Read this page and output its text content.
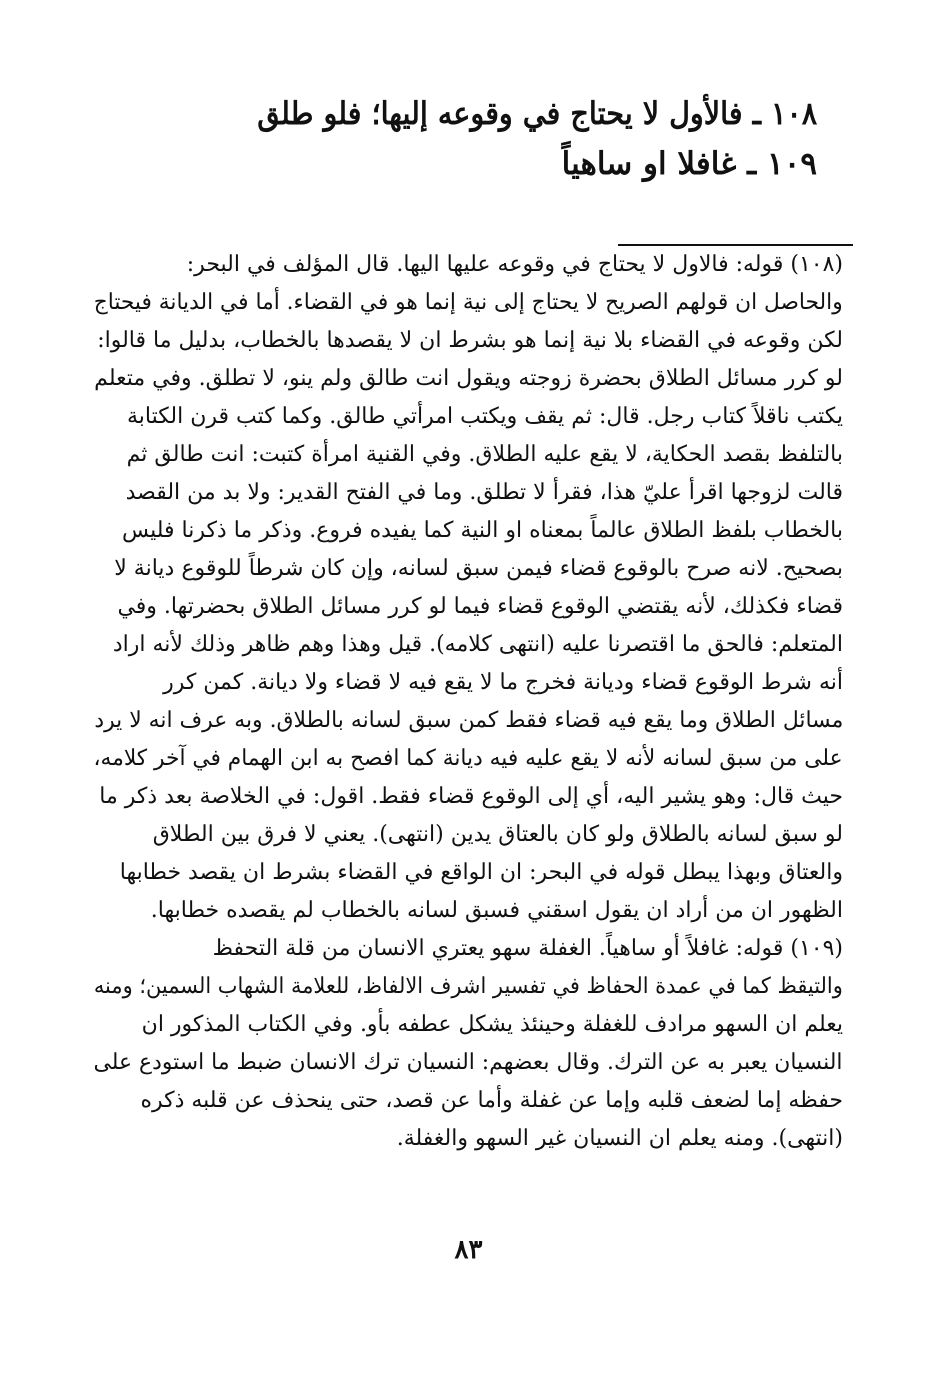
١٠٨ ـ فالأول لا يحتاج في وقوعه إليها؛ فلو طلق
١٠٩ ـ غافلا او ساهياً
(١٠٨) قوله: فالاول لا يحتاج في وقوعه عليها اليها. قال المؤلف في البحر:
والحاصل ان قولهم الصريح لا يحتاج إلى نية إنما هو في القضاء. أما في الديانة فيحتاج
لكن وقوعه في القضاء بلا نية إنما هو بشرط ان لا يقصدها بالخطاب، بدليل ما قالوا:
لو كرر مسائل الطلاق بحضرة زوجته ويقول انت طالق ولم ينو، لا تطلق. وفي متعلم
يكتب ناقلاً كتاب رجل. قال: ثم يقف ويكتب امرأتي طالق. وكما كتب قرن الكتابة
بالتلفظ بقصد الحكاية، لا يقع عليه الطلاق. وفي القنية امرأة كتبت: انت طالق ثم
قالت لزوجها اقرأ عليّ هذا، فقرأ لا تطلق. وما في الفتح القدير: ولا بد من القصد
بالخطاب بلفظ الطلاق عالماً بمعناه او النية كما يفيده فروع. وذكر ما ذكرنا فليس
بصحيح. لانه صرح بالوقوع قضاء فيمن سبق لسانه، وإن كان شرطاً للوقوع ديانة لا
قضاء فكذلك، لأنه يقتضي الوقوع قضاء فيما لو كرر مسائل الطلاق بحضرتها. وفي
المتعلم: فالحق ما اقتصرنا عليه (انتهى كلامه). قيل وهذا وهم ظاهر وذلك لأنه اراد
أنه شرط الوقوع قضاء وديانة فخرج ما لا يقع فيه لا قضاء ولا ديانة. كمن كرر
مسائل الطلاق وما يقع فيه قضاء فقط كمن سبق لسانه بالطلاق. وبه عرف انه لا يرد
على من سبق لسانه لأنه لا يقع عليه فيه ديانة كما افصح به ابن الهمام في آخر كلامه،
حيث قال: وهو يشير اليه، أي إلى الوقوع قضاء فقط. اقول: في الخلاصة بعد ذكر ما
لو سبق لسانه بالطلاق ولو كان بالعتاق يدين (انتهى). يعني لا فرق بين الطلاق
والعتاق وبهذا يبطل قوله في البحر: ان الواقع في القضاء بشرط ان يقصد خطابها
الظهور ان من أراد ان يقول اسقني فسبق لسانه بالخطاب لم يقصده خطابها.
(١٠٩) قوله: غافلاً أو ساهياً. الغفلة سهو يعتري الانسان من قلة التحفظ
والتيقظ كما في عمدة الحفاظ في تفسير اشرف الالفاظ، للعلامة الشهاب السمين؛ ومنه
يعلم ان السهو مرادف للغفلة وحينئذ يشكل عطفه بأو. وفي الكتاب المذكور ان
النسيان يعبر به عن الترك. وقال بعضهم: النسيان ترك الانسان ضبط ما استودع على
حفظه إما لضعف قلبه وإما عن غفلة وأما عن قصد، حتى ينحذف عن قلبه ذكره
(انتهى). ومنه يعلم ان النسيان غير السهو والغفلة.
٨٣
